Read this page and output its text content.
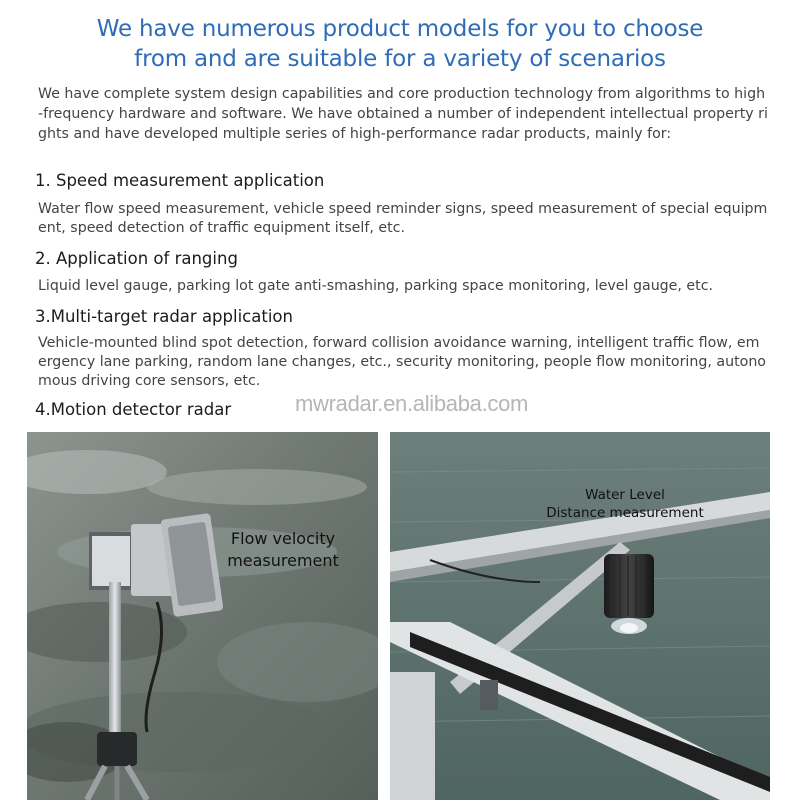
We have numerous product models for you to choose
from and are suitable for a variety of scenarios
We have complete system design capabilities and core production technology from algorithms to high-frequency hardware and software. We have obtained a number of independent intellectual property rights and have developed multiple series of high-performance radar products, mainly for:
1. Speed measurement application
Water flow speed measurement, vehicle speed reminder signs, speed measurement of special equipment, speed detection of traffic equipment itself, etc.
2. Application of ranging
Liquid level gauge, parking lot gate anti-smashing, parking space monitoring, level gauge, etc.
3.Multi-target radar application
Vehicle-mounted blind spot detection, forward collision avoidance warning, intelligent traffic flow, emergency lane parking, random lane changes, etc., security monitoring, people flow monitoring, autonomous driving core sensors, etc.
4.Motion detector radar	mwradar.en.alibaba.com
Flow velocity
measurement
Water Level
Distance measurement
